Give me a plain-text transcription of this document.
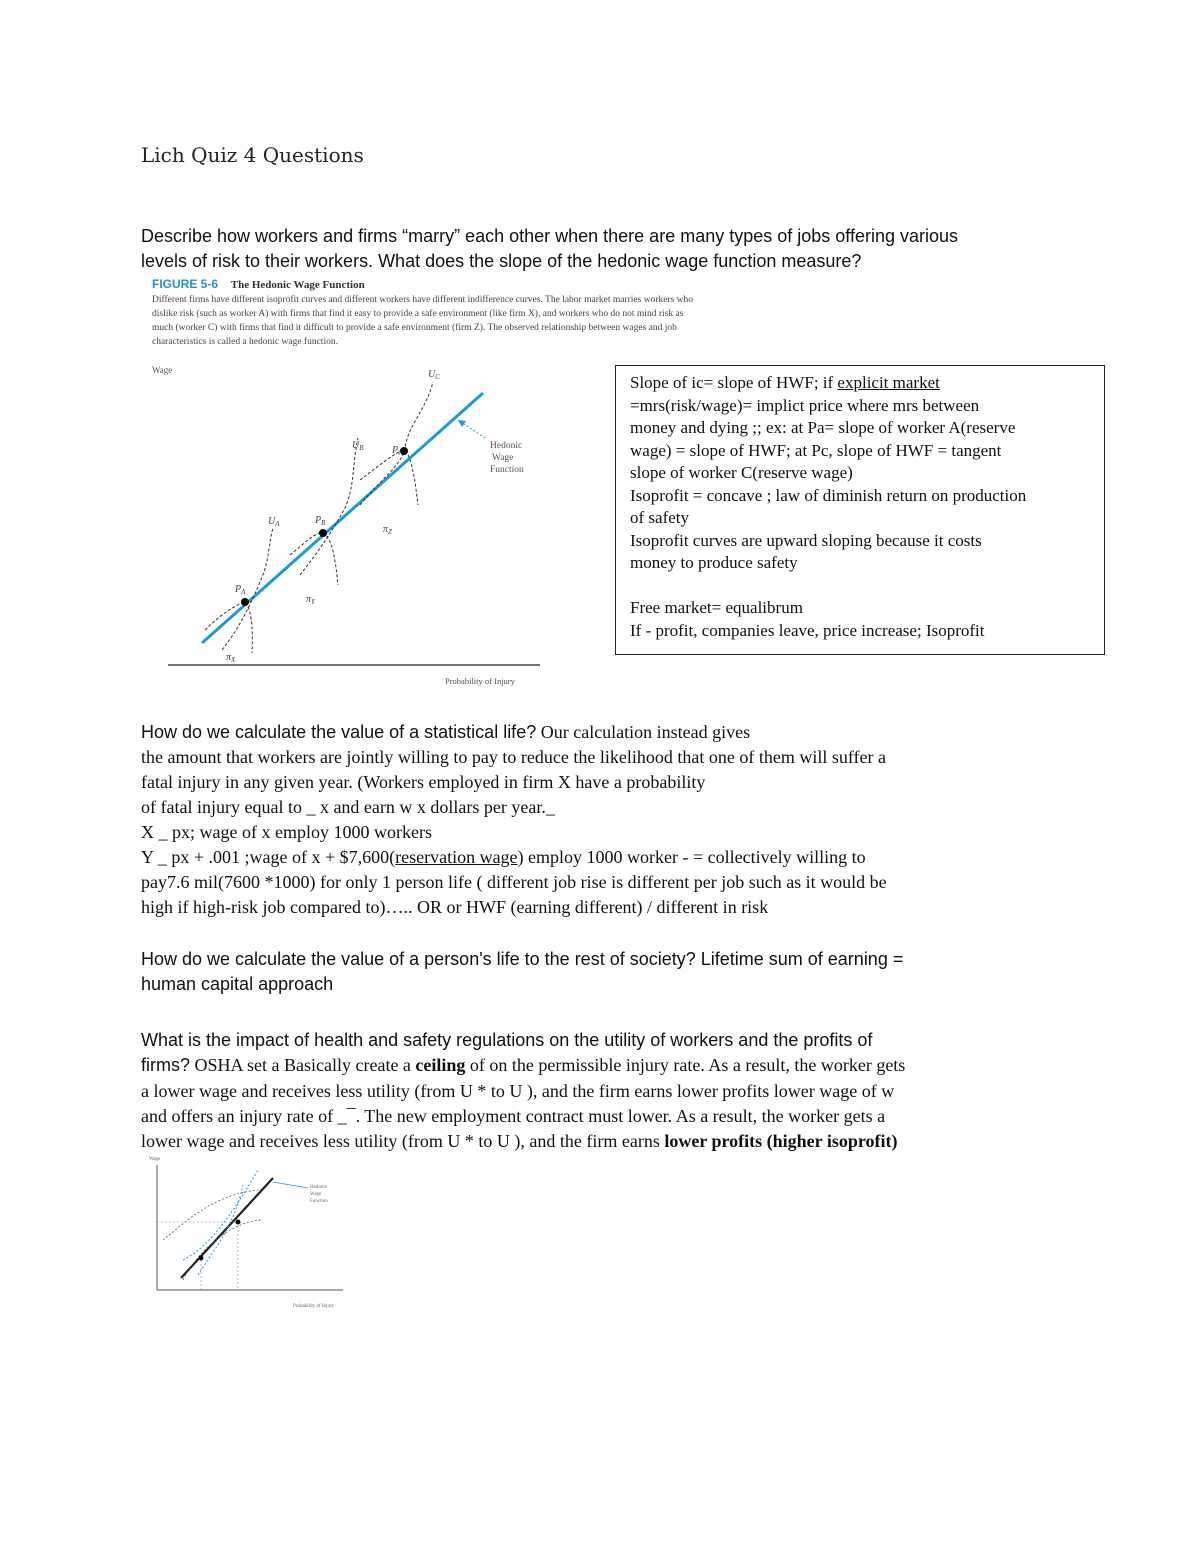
Lich Quiz 4 Questions
Describe how workers and firms “marry” each other when there are many types of jobs offering various
levels of risk to their workers. What does the slope of the hedonic wage function measure?
FIGURE 5-6 The Hedonic Wage Function
Different firms have different isoprofit curves and different workers have different indifference curves. The labor market marries workers who dislike risk (such as worker A) with firms that find it easy to provide a safe environment (like firm X), and workers who do not mind risk as much (worker C) with firms that find it difficult to provide a safe environment (firm Z). The observed relationship between wages and job characteristics is called a hedonic wage function.
Wage
Probability of Injury
$U_C$
$U_B$
$U_A$
$P_C$
$P_B$
$P_A$
$\pi_Z$
$\pi_Y$
$\pi_X$
Hedonic
Wage
Function
Slope of ic= slope of HWF; if explicit market
=mrs(risk/wage)= implict price where mrs between
money and dying ;; ex: at Pa= slope of worker A(reserve
wage) = slope of HWF; at Pc, slope of HWF = tangent
slope of worker C(reserve wage)
Isoprofit = concave ; law of diminish return on production
of safety
Isoprofit curves are upward sloping because it costs
money to produce safety

Free market= equalibrum
If - profit, companies leave, price increase; Isoprofit
How do we calculate the value of a statistical life? Our calculation instead gives
the amount that workers are jointly willing to pay to reduce the likelihood that one of them will suffer a
fatal injury in any given year. (Workers employed in firm X have a probability
of fatal injury equal to _ x and earn w x dollars per year._
X _ px; wage of x employ 1000 workers
Y _ px + .001 ;wage of x + $7,600(reservation wage) employ 1000 worker - = collectively willing to
pay7.6 mil(7600 *1000) for only 1 person life ( different job rise is different per job such as it would be
high if high-risk job compared to)….. OR or HWF (earning different) / different in risk
How do we calculate the value of a person's life to the rest of society? Lifetime sum of earning =
human capital approach
What is the impact of health and safety regulations on the utility of workers and the profits of
firms? OSHA set a Basically create a ceiling of on the permissible injury rate. As a result, the worker gets
a lower wage and receives less utility (from U * to U ), and the firm earns lower profits lower wage of w
and offers an injury rate of _¯. The new employment contract must lower. As a result, the worker gets a
lower wage and receives less utility (from U * to U ), and the firm earns lower profits (higher isoprofit)
Wage
Probability of Injury
Hedonic
Wage
Function
